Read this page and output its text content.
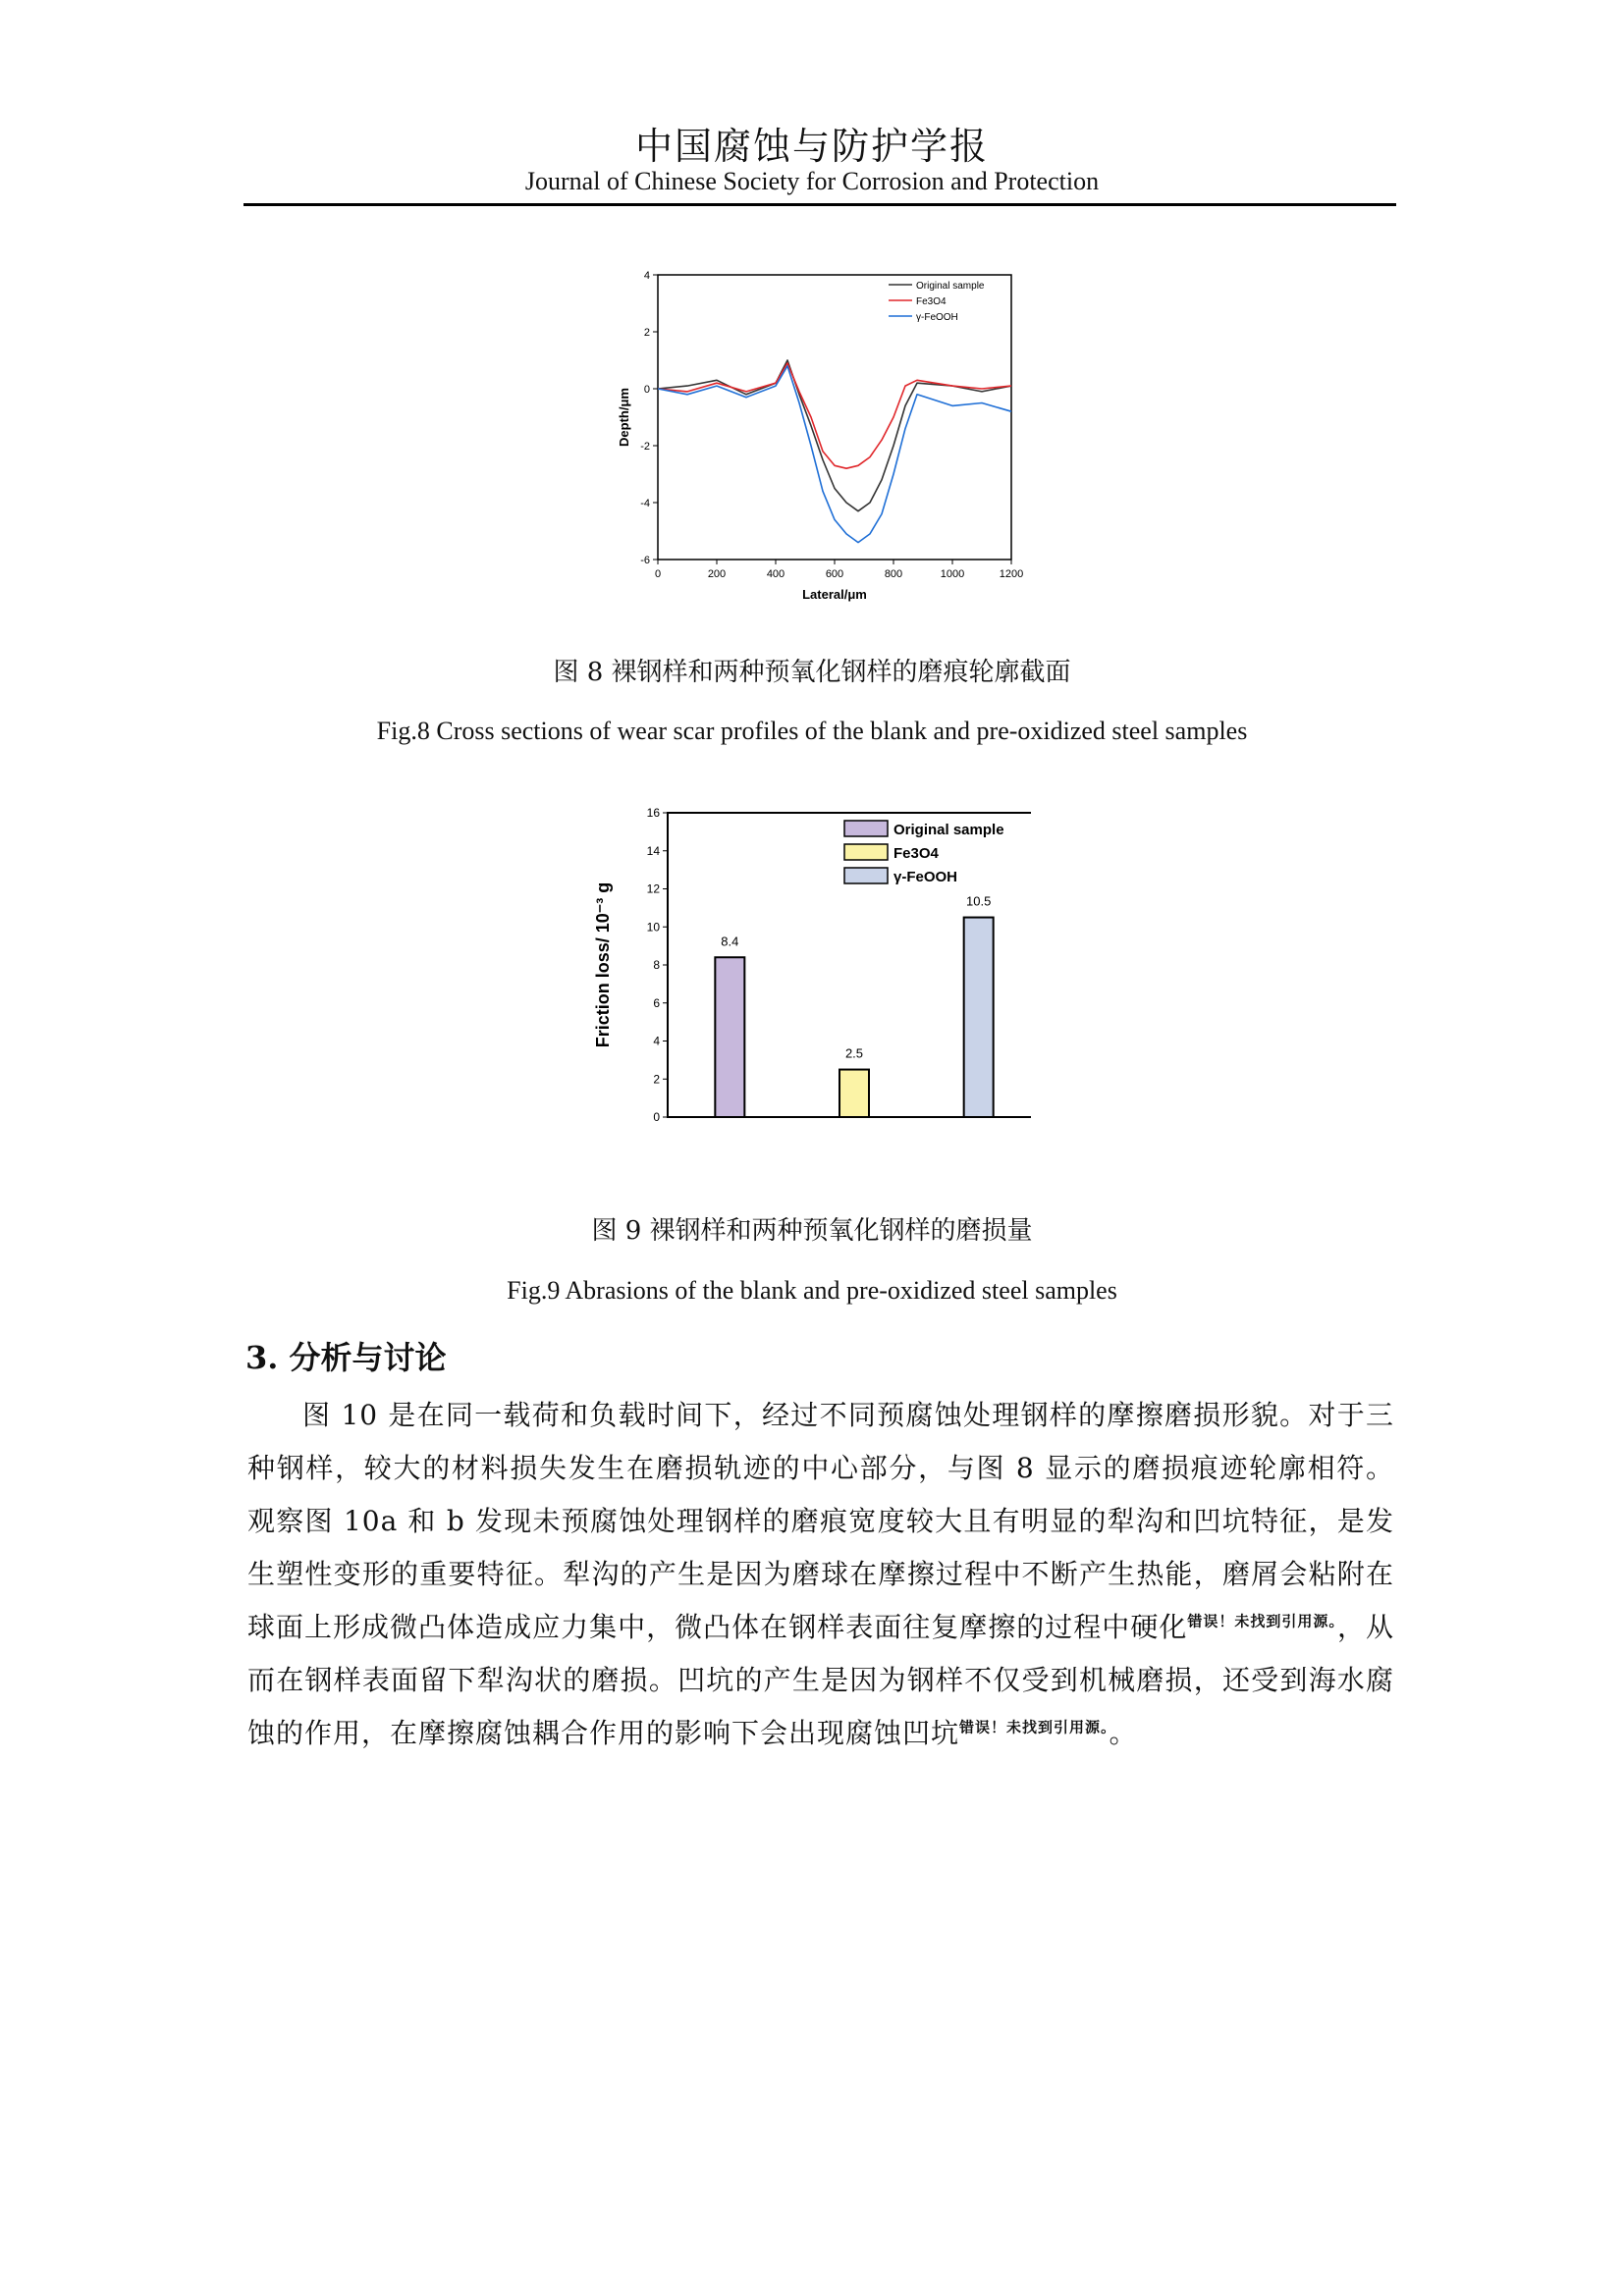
中国腐蚀与防护学报
Journal of Chinese Society for Corrosion and Protection
0	200	400	600	800	1000	1200
-6
-4
-2
0
2
4
Lateral/μm
Depth/μm
Original sample
Fe3O4
γ-FeOOH
图 8 裸钢样和两种预氧化钢样的磨痕轮廓截面
Fig.8 Cross sections of wear scar profiles of the blank and pre-oxidized steel samples
0
2
4
6
8
10
12
14
16
Friction loss/ 10⁻³ g	8.4
2.5
10.5
Original sample
Fe3O4
γ-FeOOH
图 9 裸钢样和两种预氧化钢样的磨损量
Fig.9 Abrasions of the blank and pre-oxidized steel samples
3. 分析与讨论

图 10 是在同一载荷和负载时间下，经过不同预腐蚀处理钢样的摩擦磨损形貌。对于三种钢样，较大的材料损失发生在磨损轨迹的中心部分，与图 8 显示的磨损痕迹轮廓相符。观察图 10a 和 b 发现未预腐蚀处理钢样的磨痕宽度较大且有明显的犁沟和凹坑特征，是发生塑性变形的重要特征。犁沟的产生是因为磨球在摩擦过程中不断产生热能，磨屑会粘附在球面上形成微凸体造成应力集中，微凸体在钢样表面往复摩擦的过程中硬化$^{错误!未找到引用源。}$，从而在钢样表面留下犁沟状的磨损。凹坑的产生是因为钢样不仅受到机械磨损，还受到海水腐蚀的作用，在摩擦腐蚀耦合作用的影响下会出现腐蚀凹坑$^{错误!未找到引用源。}$。
